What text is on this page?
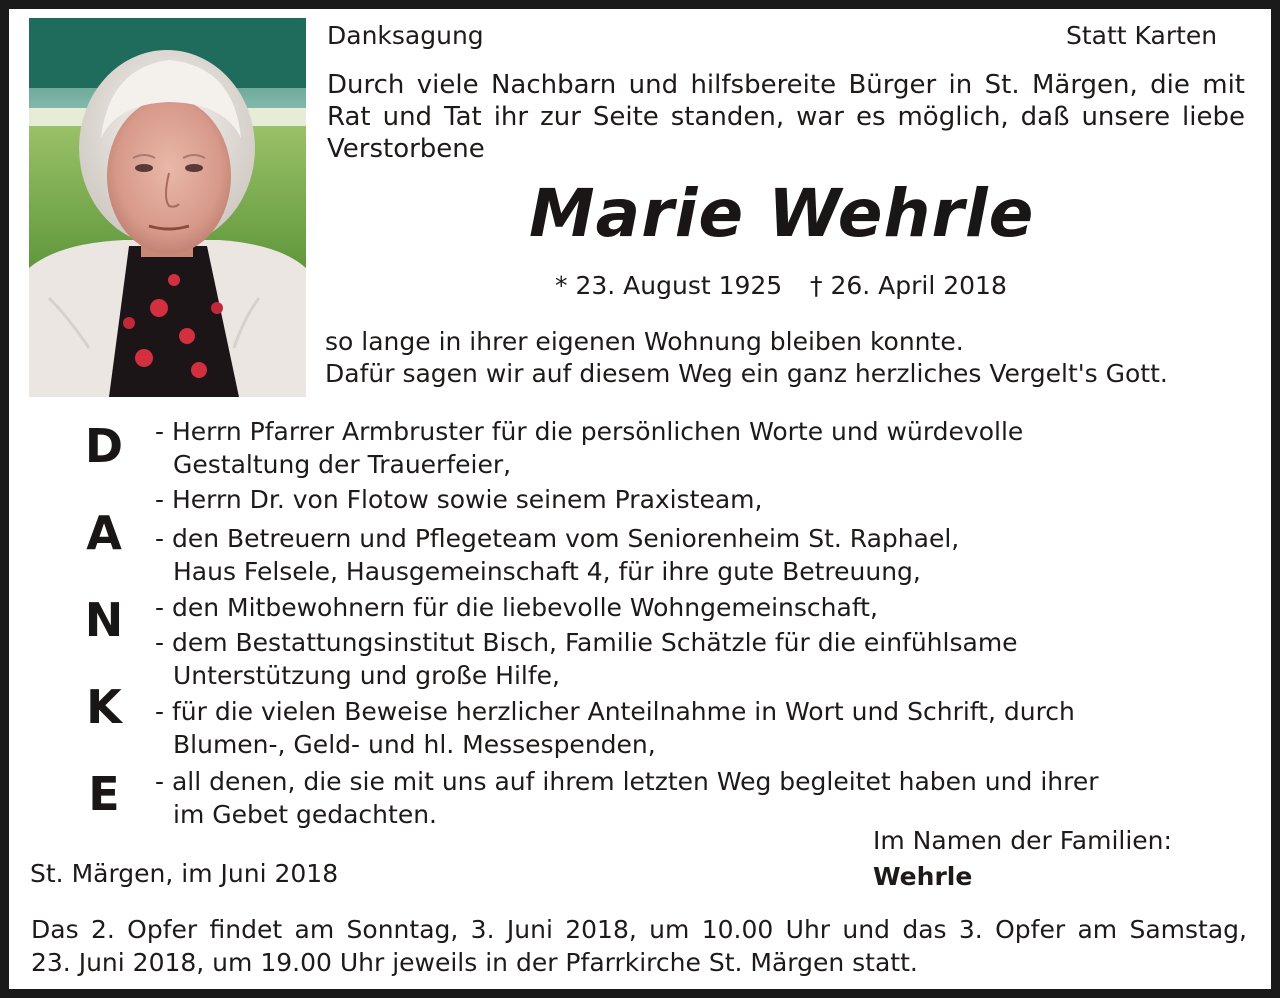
Danksagung	Statt Karten
Durch viele Nachbarn und hilfsbereite Bürger in St. Märgen, die mit
Rat und Tat ihr zur Seite standen, war es möglich, daß unsere liebe
Verstorbene
Marie Wehrle
* 23. August 1925 † 26. April 2018
so lange in ihrer eigenen Wohnung bleiben konnte.
Dafür sagen wir auf diesem Weg ein ganz herzliches Vergelt's Gott.
D
A
N
K
E
- Herrn Pfarrer Armbruster für die persönlichen Worte und würdevolle
Gestaltung der Trauerfeier,
- Herrn Dr. von Flotow sowie seinem Praxisteam,
- den Betreuern und Pflegeteam vom Seniorenheim St. Raphael,
Haus Felsele, Hausgemeinschaft 4, für ihre gute Betreuung,
- den Mitbewohnern für die liebevolle Wohngemeinschaft,
- dem Bestattungsinstitut Bisch, Familie Schätzle für die einfühlsame
Unterstützung und große Hilfe,
- für die vielen Beweise herzlicher Anteilnahme in Wort und Schrift, durch
Blumen-, Geld- und hl. Messespenden,
- all denen, die sie mit uns auf ihrem letzten Weg begleitet haben und ihrer
im Gebet gedachten.
St. Märgen, im Juni 2018
Im Namen der Familien:
Wehrle
Das 2. Opfer findet am Sonntag, 3. Juni 2018, um 10.00 Uhr und das 3. Opfer am Samstag,
23. Juni 2018, um 19.00 Uhr jeweils in der Pfarrkirche St. Märgen statt.
